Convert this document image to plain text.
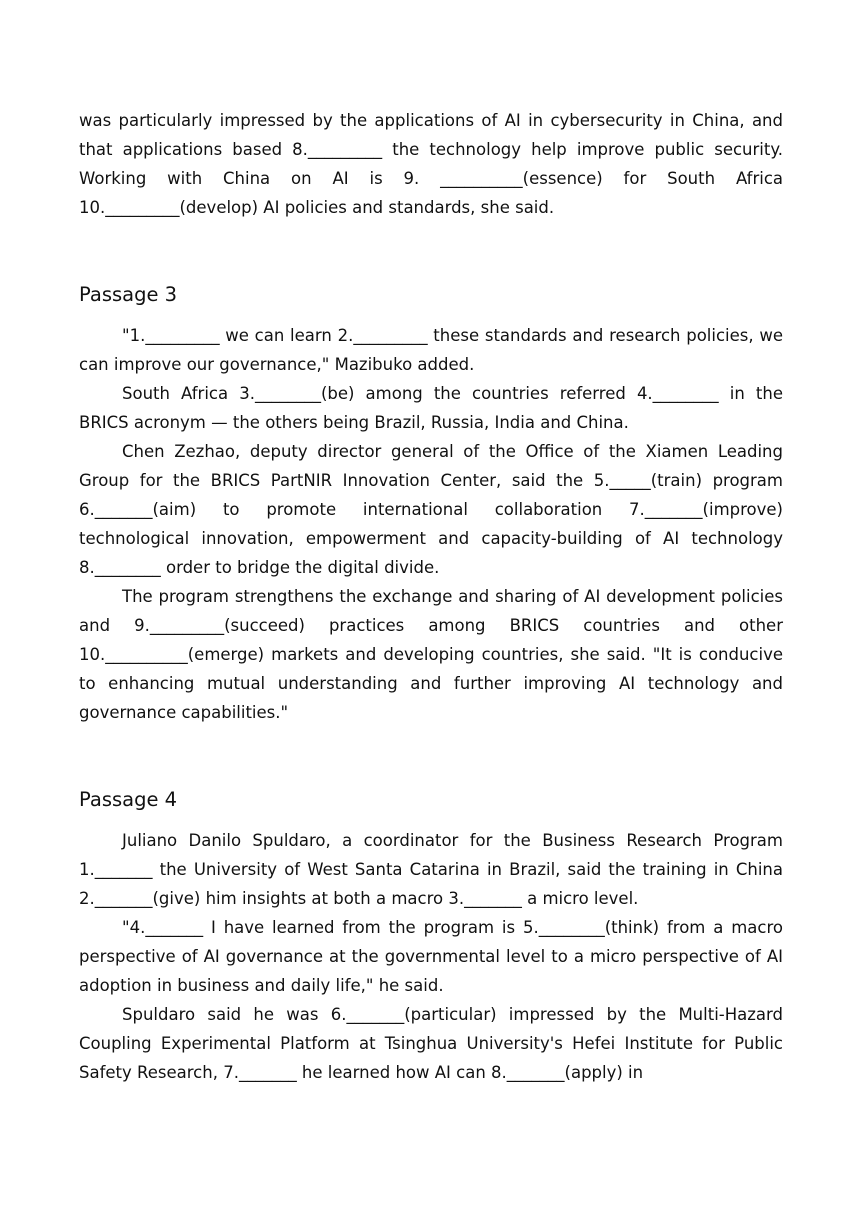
was particularly impressed by the applications of AI in cybersecurity in China, and that applications based 8._________ the technology help improve public security. Working with China on AI is 9. __________(essence) for South Africa 10._________(develop) AI policies and standards, she said.

Passage 3

"1._________ we can learn 2._________ these standards and research policies, we can improve our governance," Mazibuko added.

South Africa 3.________(be) among the countries referred 4.________ in the BRICS acronym — the others being Brazil, Russia, India and China.

Chen Zezhao, deputy director general of the Office of the Xiamen Leading Group for the BRICS PartNIR Innovation Center, said the 5._____(train) program 6._______(aim) to promote international collaboration 7._______(improve) technological innovation, empowerment and capacity-building of AI technology 8.________ order to bridge the digital divide.

The program strengthens the exchange and sharing of AI development policies and 9._________(succeed) practices among BRICS countries and other 10.__________(emerge) markets and developing countries, she said. "It is conducive to enhancing mutual understanding and further improving AI technology and governance capabilities."

Passage 4

Juliano Danilo Spuldaro, a coordinator for the Business Research Program 1._______ the University of West Santa Catarina in Brazil, said the training in China 2._______(give) him insights at both a macro 3._______ a micro level.

"4._______ I have learned from the program is 5.________(think) from a macro perspective of AI governance at the governmental level to a micro perspective of AI adoption in business and daily life," he said.

Spuldaro said he was 6._______(particular) impressed by the Multi-Hazard Coupling Experimental Platform at Tsinghua University's Hefei Institute for Public Safety Research, 7._______ he learned how AI can 8._______(apply) in
